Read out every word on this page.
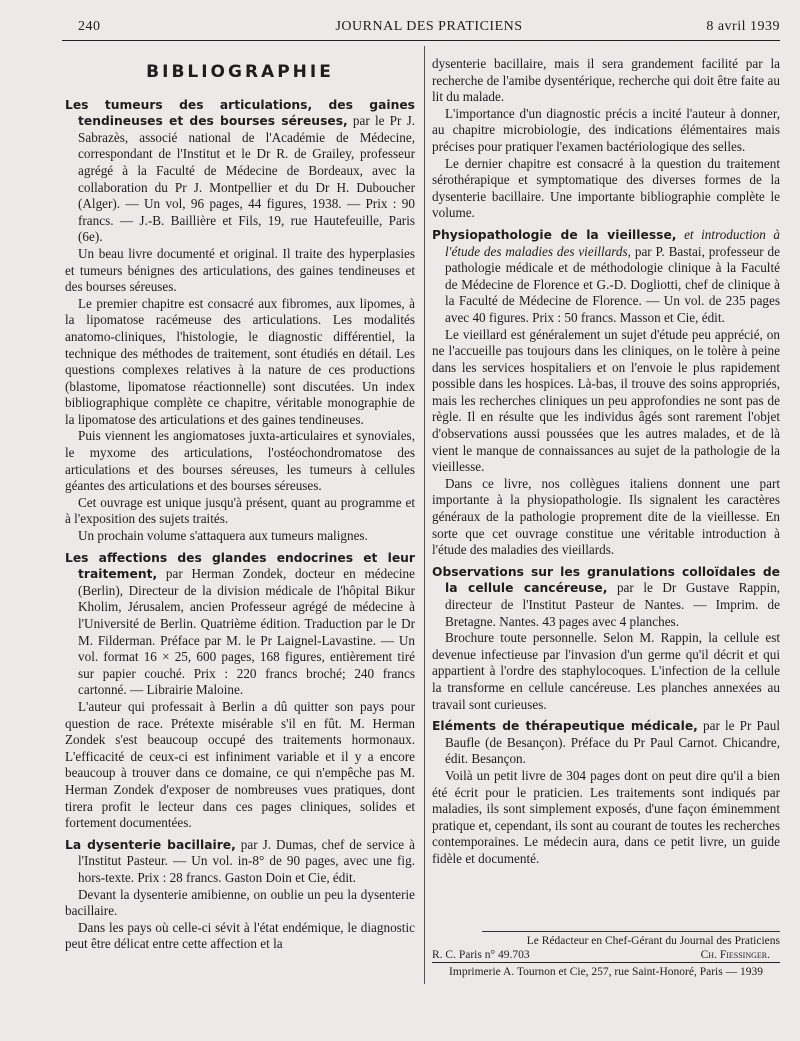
240	JOURNAL DES PRATICIENS	8 avril 1939
BIBLIOGRAPHIE

Les tumeurs des articulations, des gaines tendineuses et des bourses séreuses, par le Pr J. Sabrazès, associé national de l'Académie de Médecine, correspondant de l'Institut et le Dr R. de Grailey, professeur agrégé à la Faculté de Médecine de Bordeaux, avec la collaboration du Pr J. Montpellier et du Dr H. Duboucher (Alger). — Un vol, 96 pages, 44 figures, 1938. — Prix : 90 francs. — J.-B. Baillière et Fils, 19, rue Hautefeuille, Paris (6e).

Un beau livre documenté et original. Il traite des hyperplasies et tumeurs bénignes des articulations, des gaines tendineuses et des bourses séreuses.

Le premier chapitre est consacré aux fibromes, aux lipomes, à la lipomatose racémeuse des articulations. Les modalités anatomo-cliniques, l'histologie, le diagnostic différentiel, la technique des méthodes de traitement, sont étudiés en détail. Les questions complexes relatives à la nature de ces productions (blastome, lipomatose réactionnelle) sont discutées. Un index bibliographique complète ce chapitre, véritable monographie de la lipomatose des articulations et des gaines tendineuses.

Puis viennent les angiomatoses juxta-articulaires et synoviales, le myxome des articulations, l'ostéochondromatose des articulations et des bourses séreuses, les tumeurs à cellules géantes des articulations et des bourses séreuses.

Cet ouvrage est unique jusqu'à présent, quant au programme et à l'exposition des sujets traités.

Un prochain volume s'attaquera aux tumeurs malignes.

Les affections des glandes endocrines et leur traitement, par Herman Zondek, docteur en médecine (Berlin), Directeur de la division médicale de l'hôpital Bikur Kholim, Jérusalem, ancien Professeur agrégé de médecine à l'Université de Berlin. Quatrième édition. Traduction par le Dr M. Filderman. Préface par M. le Pr Laignel-Lavastine. — Un vol. format 16 × 25, 600 pages, 168 figures, entièrement tiré sur papier couché. Prix : 220 francs broché; 240 francs cartonné. — Librairie Maloine.

L'auteur qui professait à Berlin a dû quitter son pays pour question de race. Prétexte misérable s'il en fût. M. Herman Zondek s'est beaucoup occupé des traitements hormonaux. L'efficacité de ceux-ci est infiniment variable et il y a encore beaucoup à trouver dans ce domaine, ce qui n'empêche pas M. Herman Zondek d'exposer de nombreuses vues pratiques, dont tirera profit le lecteur dans ces pages cliniques, solides et fortement documentées.

La dysenterie bacillaire, par J. Dumas, chef de service à l'Institut Pasteur. — Un vol. in-8° de 90 pages, avec une fig. hors-texte. Prix : 28 francs. Gaston Doin et Cie, édit.

Devant la dysenterie amibienne, on oublie un peu la dysenterie bacillaire.

Dans les pays où celle-ci sévit à l'état endémique, le diagnostic peut être délicat entre cette affection et la

dysenterie bacillaire, mais il sera grandement facilité par la recherche de l'amibe dysentérique, recherche qui doit être faite au lit du malade.

L'importance d'un diagnostic précis a incité l'auteur à donner, au chapitre microbiologie, des indications élémentaires mais précises pour pratiquer l'examen bactériologique des selles.

Le dernier chapitre est consacré à la question du traitement sérothérapique et symptomatique des diverses formes de la dysenterie bacillaire. Une importante bibliographie complète le volume.

Physiopathologie de la vieillesse, et introduction à l'étude des maladies des vieillards, par P. Bastai, professeur de pathologie médicale et de méthodologie clinique à la Faculté de Médecine de Florence et G.-D. Dogliotti, chef de clinique à la Faculté de Médecine de Florence. — Un vol. de 235 pages avec 40 figures. Prix : 50 francs. Masson et Cie, édit.

Le vieillard est généralement un sujet d'étude peu apprécié, on ne l'accueille pas toujours dans les cliniques, on le tolère à peine dans les services hospitaliers et on l'envoie le plus rapidement possible dans les hospices. Là-bas, il trouve des soins appropriés, mais les recherches cliniques un peu approfondies ne sont pas de règle. Il en résulte que les individus âgés sont rarement l'objet d'observations aussi poussées que les autres malades, et de là vient le manque de connaissances au sujet de la pathologie de la vieillesse.

Dans ce livre, nos collègues italiens donnent une part importante à la physiopathologie. Ils signalent les caractères généraux de la pathologie proprement dite de la vieillesse. En sorte que cet ouvrage constitue une véritable introduction à l'étude des maladies des vieillards.

Observations sur les granulations colloïdales de la cellule cancéreuse, par le Dr Gustave Rappin, directeur de l'Institut Pasteur de Nantes. — Imprim. de Bretagne. Nantes. 43 pages avec 4 planches.

Brochure toute personnelle. Selon M. Rappin, la cellule est devenue infectieuse par l'invasion d'un germe qu'il décrit et qui appartient à l'ordre des staphylocoques. L'infection de la cellule la transforme en cellule cancéreuse. Les planches annexées au travail sont curieuses.

Eléments de thérapeutique médicale, par le Pr Paul Baufle (de Besançon). Préface du Pr Paul Carnot. Chicandre, édit. Besançon.

Voilà un petit livre de 304 pages dont on peut dire qu'il a bien été écrit pour le praticien. Les traitements sont indiqués par maladies, ils sont simplement exposés, d'une façon éminemment pratique et, cependant, ils sont au courant de toutes les recherches contemporaines. Le médecin aura, dans ce petit livre, un guide fidèle et documenté.

Le Rédacteur en Chef-Gérant du Journal des Praticiens
R. C. Paris n° 49.703	Ch. Fiessinger.
Imprimerie A. Tournon et Cie, 257, rue Saint-Honoré, Paris — 1939
